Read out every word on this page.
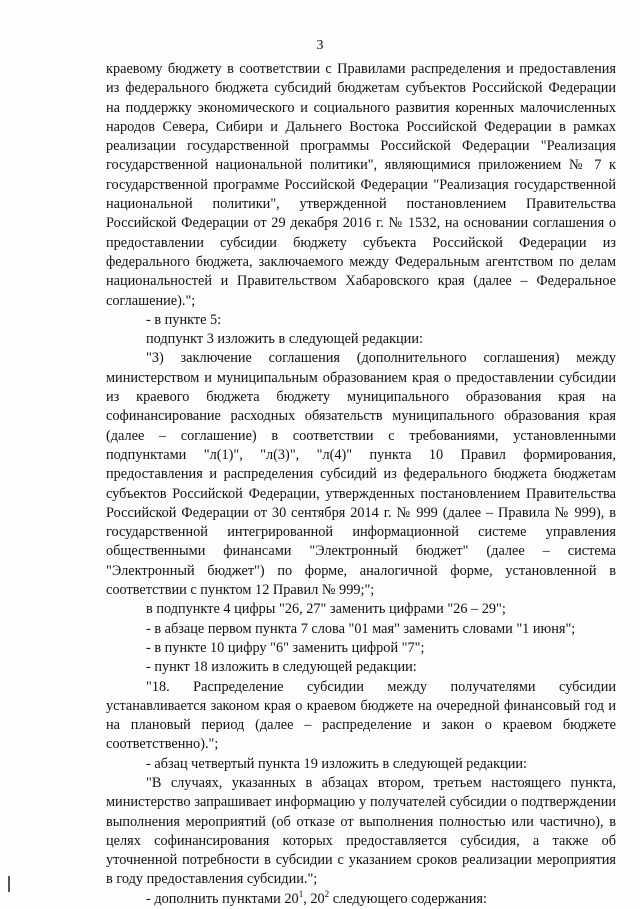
3

краевому бюджету в соответствии с Правилами распределения и предоставления из федерального бюджета субсидий бюджетам субъектов Российской Федерации на поддержку экономического и социального развития коренных малочисленных народов Севера, Сибири и Дальнего Востока Российской Федерации в рамках реализации государственной программы Российской Федерации "Реализация государственной национальной политики", являющимися приложением № 7 к государственной программе Российской Федерации "Реализация государственной национальной политики", утвержденной постановлением Правительства Российской Федерации от 29 декабря 2016 г. № 1532, на основании соглашения о предоставлении субсидии бюджету субъекта Российской Федерации из федерального бюджета, заключаемого между Федеральным агентством по делам национальностей и Правительством Хабаровского края (далее – Федеральное соглашение).";

- в пункте 5:

подпункт 3 изложить в следующей редакции:

"3) заключение соглашения (дополнительного соглашения) между министерством и муниципальным образованием края о предоставлении субсидии из краевого бюджета бюджету муниципального образования края на софинансирование расходных обязательств муниципального образования края (далее – соглашение) в соответствии с требованиями, установленными подпунктами "л(1)", "л(3)", "л(4)" пункта 10 Правил формирования, предоставления и распределения субсидий из федерального бюджета бюджетам субъектов Российской Федерации, утвержденных постановлением Правительства Российской Федерации от 30 сентября 2014 г. № 999 (далее – Правила № 999), в государственной интегрированной информационной системе управления общественными финансами "Электронный бюджет" (далее – система "Электронный бюджет") по форме, аналогичной форме, установленной в соответствии с пунктом 12 Правил № 999;";

в подпункте 4 цифры "26, 27" заменить цифрами "26 – 29";

- в абзаце первом пункта 7 слова "01 мая" заменить словами "1 июня";

- в пункте 10 цифру "6" заменить цифрой "7";

- пункт 18 изложить в следующей редакции:

"18. Распределение субсидии между получателями субсидии устанавливается законом края о краевом бюджете на очередной финансовый год и на плановый период (далее – распределение и закон о краевом бюджете соответственно).";

- абзац четвертый пункта 19 изложить в следующей редакции:

"В случаях, указанных в абзацах втором, третьем настоящего пункта, министерство запрашивает информацию у получателей субсидии о подтверждении выполнения мероприятий (об отказе от выполнения полностью или частично), в целях софинансирования которых предоставляется субсидия, а также об уточненной потребности в субсидии с указанием сроков реализации мероприятия в году предоставления субсидии.";

- дополнить пунктами $20^1$, $20^2$ следующего содержания:
